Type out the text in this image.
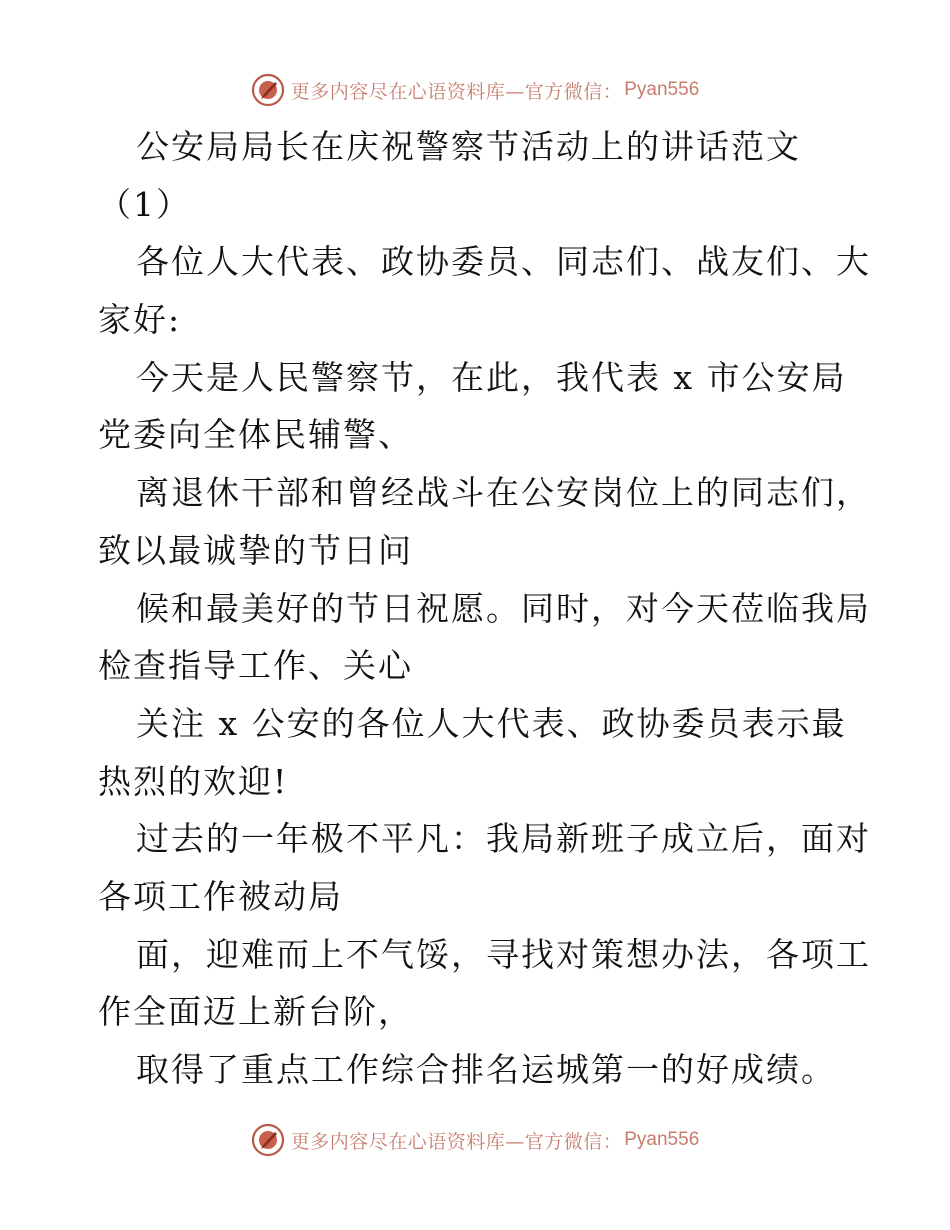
更多内容尽在心语资料库—官方微信： Pyan556
公安局局长在庆祝警察节活动上的讲话范文
（1）
各位人大代表、政协委员、同志们、战友们、大
家好:
今天是人民警察节，在此，我代表 x 市公安局
党委向全体民辅警、
离退休干部和曾经战斗在公安岗位上的同志们，
致以最诚挚的节日问
候和最美好的节日祝愿。同时，对今天莅临我局
检查指导工作、关心
关注 x 公安的各位人大代表、政协委员表示最
热烈的欢迎!
过去的一年极不平凡：我局新班子成立后，面对
各项工作被动局
面，迎难而上不气馁，寻找对策想办法，各项工
作全面迈上新台阶，
取得了重点工作综合排名运城第一的好成绩。
更多内容尽在心语资料库—官方微信： Pyan556
